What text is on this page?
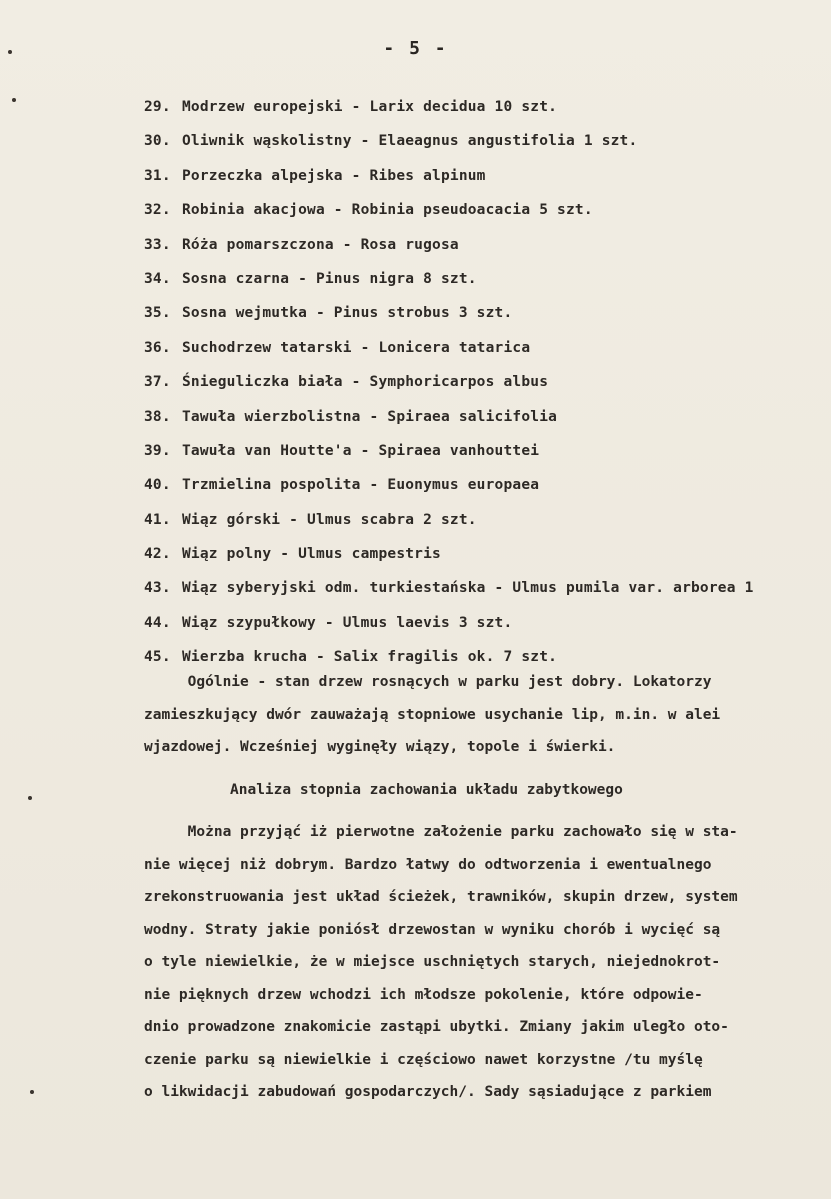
- 5 -
29. Modrzew europejski - Larix decidua 10 szt.
30. Oliwnik wąskolistny - Elaeagnus angustifolia 1 szt.
31. Porzeczka alpejska - Ribes alpinum
32. Robinia akacjowa - Robinia pseudoacacia 5 szt.
33. Róża pomarszczona - Rosa rugosa
34. Sosna czarna - Pinus nigra 8 szt.
35. Sosna wejmutka - Pinus strobus 3 szt.
36. Suchodrzew tatarski - Lonicera tatarica
37. Śnieguliczka biała - Symphoricarpos albus
38. Tawuła wierzbolistna - Spiraea salicifolia
39. Tawuła van Houtte'a - Spiraea vanhouttei
40. Trzmielina pospolita - Euonymus europaea
41. Wiąz górski - Ulmus scabra 2 szt.
42. Wiąz polny - Ulmus campestris
43. Wiąz syberyjski odm. turkiestańska - Ulmus pumila var. arborea 1
44. Wiąz szypułkowy - Ulmus laevis 3 szt.
45. Wierzba krucha - Salix fragilis ok. 7 szt.
Ogólnie - stan drzew rosnących w parku jest dobry. Lokatorzy
zamieszkujący dwór zauważają stopniowe usychanie lip, m.in. w alei
wjazdowej. Wcześniej wyginęły wiązy, topole i świerki.
Analiza stopnia zachowania układu zabytkowego
Można przyjąć iż pierwotne założenie parku zachowało się w sta-
nie więcej niż dobrym. Bardzo łatwy do odtworzenia i ewentualnego
zrekonstruowania jest układ ścieżek, trawników, skupin drzew, system
wodny. Straty jakie poniósł drzewostan w wyniku chorób i wycięć są
o tyle niewielkie, że w miejsce uschniętych starych, niejednokrot-
nie pięknych drzew wchodzi ich młodsze pokolenie, które odpowie-
dnio prowadzone znakomicie zastąpi ubytki. Zmiany jakim uległo oto-
czenie parku są niewielkie i częściowo nawet korzystne /tu myślę
o likwidacji zabudowań gospodarczych/. Sady sąsiadujące z parkiem
